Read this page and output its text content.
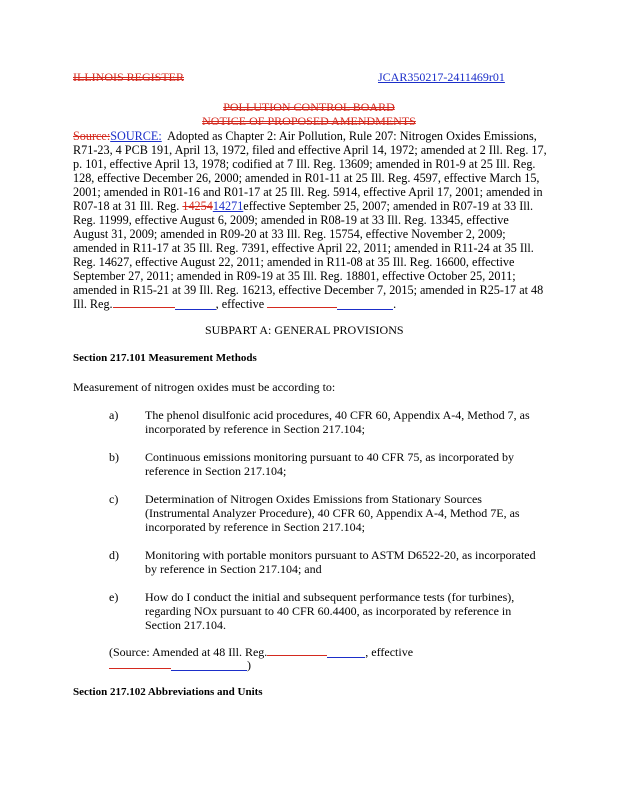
ILLINOIS REGISTER	JCAR350217-2411469r01
POLLUTION CONTROL BOARD
NOTICE OF PROPOSED AMENDMENTS
Source:SOURCE: Adopted as Chapter 2: Air Pollution, Rule 207: Nitrogen Oxides Emissions,
R71-23, 4 PCB 191, April 13, 1972, filed and effective April 14, 1972; amended at 2 Ill. Reg. 17,
p. 101, effective April 13, 1978; codified at 7 Ill. Reg. 13609; amended in R01-9 at 25 Ill. Reg.
128, effective December 26, 2000; amended in R01-11 at 25 Ill. Reg. 4597, effective March 15,
2001; amended in R01-16 and R01-17 at 25 Ill. Reg. 5914, effective April 17, 2001; amended in
R07-18 at 31 Ill. Reg. 1425414271effective September 25, 2007; amended in R07-19 at 33 Ill.
Reg. 11999, effective August 6, 2009; amended in R08-19 at 33 Ill. Reg. 13345, effective
August 31, 2009; amended in R09-20 at 33 Ill. Reg. 15754, effective November 2, 2009;
amended in R11-17 at 35 Ill. Reg. 7391, effective April 22, 2011; amended in R11-24 at 35 Ill.
Reg. 14627, effective August 22, 2011; amended in R11-08 at 35 Ill. Reg. 16600, effective
September 27, 2011; amended in R09-19 at 35 Ill. Reg. 18801, effective October 25, 2011;
amended in R15-21 at 39 Ill. Reg. 16213, effective December 7, 2015; amended in R25-17 at 48
Ill. Reg.	, effective	.
SUBPART A: GENERAL PROVISIONS
Section 217.101 Measurement Methods
Measurement of nitrogen oxides must be according to:
a) The phenol disulfonic acid procedures, 40 CFR 60, Appendix A-4, Method 7, as
incorporated by reference in Section 217.104;
b) Continuous emissions monitoring pursuant to 40 CFR 75, as incorporated by
reference in Section 217.104;
c) Determination of Nitrogen Oxides Emissions from Stationary Sources
(Instrumental Analyzer Procedure), 40 CFR 60, Appendix A-4, Method 7E, as
incorporated by reference in Section 217.104;
d) Monitoring with portable monitors pursuant to ASTM D6522-20, as incorporated
by reference in Section 217.104; and
e) How do I conduct the initial and subsequent performance tests (for turbines),
regarding NOx pursuant to 40 CFR 60.4400, as incorporated by reference in
Section 217.104.
(Source: Amended at 48 Ill. Reg.	, effective
)
Section 217.102 Abbreviations and Units
